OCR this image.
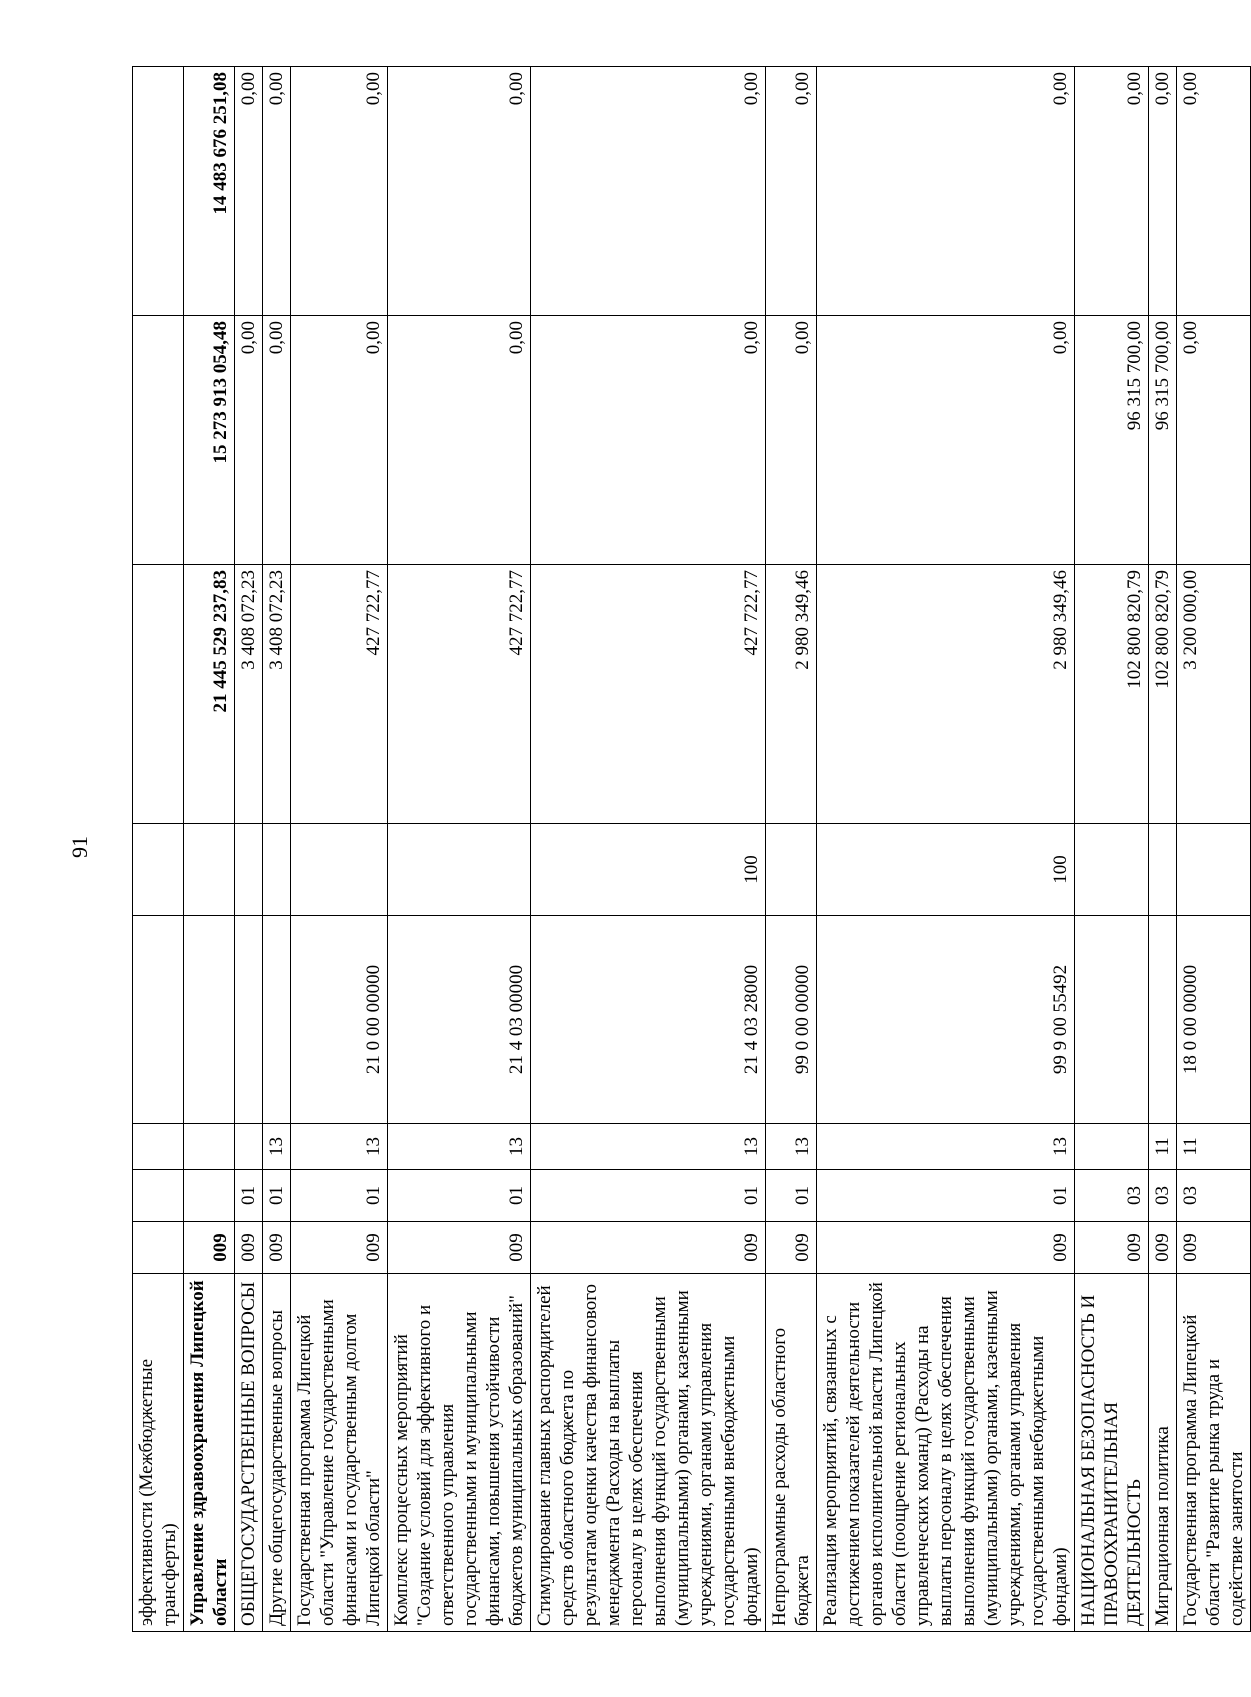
91
эффективности (Межбюджетные трансферты)								
Управление здравоохранения Липецкой области	009					21 445 529 237,83	15 273 913 054,48	14 483 676 251,08
ОБЩЕГОСУДАРСТВЕННЫЕ ВОПРОСЫ	009	01				3 408 072,23	0,00	0,00
Другие общегосударственные вопросы	009	01	13			3 408 072,23	0,00	0,00
Государственная программа Липецкой области "Управление государственными финансами и государственным долгом Липецкой области"	009	01	13	21 0 00 00000		427 722,77	0,00	0,00
Комплекс процессных мероприятий "Создание условий для эффективного и ответственного управления государственными и муниципальными финансами, повышения устойчивости бюджетов муниципальных образований"	009	01	13	21 4 03 00000		427 722,77	0,00	0,00
Стимулирование главных распорядителей средств областного бюджета по результатам оценки качества финансового менеджмента (Расходы на выплаты персоналу в целях обеспечения выполнения функций государственными (муниципальными) органами, казенными учреждениями, органами управления государственными внебюджетными фондами)	009	01	13	21 4 03 28000	100	427 722,77	0,00	0,00
Непрограммные расходы областного бюджета	009	01	13	99 0 00 00000		2 980 349,46	0,00	0,00
Реализация мероприятий, связанных с достижением показателей деятельности органов исполнительной власти Липецкой области (поощрение региональных управленческих команд) (Расходы на выплаты персоналу в целях обеспечения выполнения функций государственными (муниципальными) органами, казенными учреждениями, органами управления государственными внебюджетными фондами)	009	01	13	99 9 00 55492	100	2 980 349,46	0,00	0,00
НАЦИОНАЛЬНАЯ БЕЗОПАСНОСТЬ И ПРАВООХРАНИТЕЛЬНАЯ ДЕЯТЕЛЬНОСТЬ	009	03				102 800 820,79	96 315 700,00	0,00
Миграционная политика	009	03	11			102 800 820,79	96 315 700,00	0,00
Государственная программа Липецкой области "Развитие рынка труда и содействие занятости	009	03	11	18 0 00 00000		3 200 000,00	0,00	0,00
